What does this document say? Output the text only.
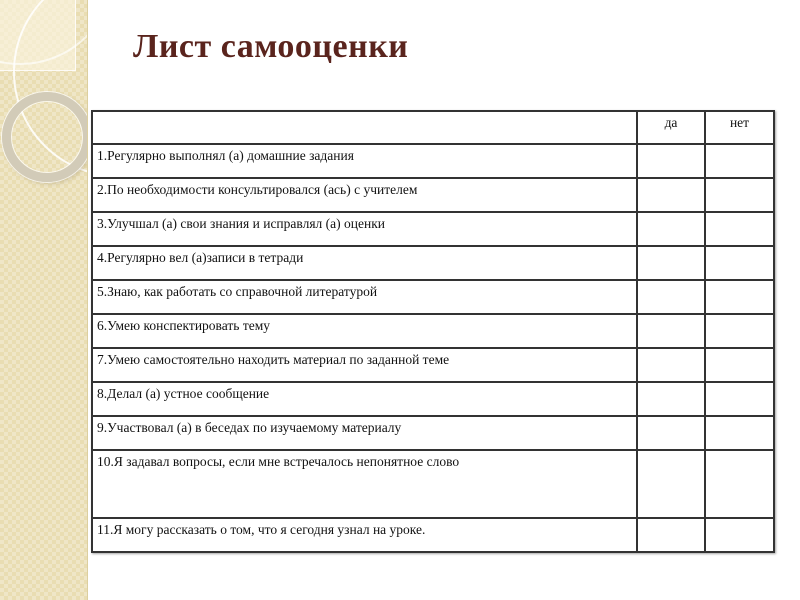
Лист самооценки
	да	нет
1.Регулярно выполнял (а) домашние задания		
2.По необходимости консультировался (ась) с учителем		
3.Улучшал (а) свои знания и исправлял (а) оценки		
4.Регулярно вел (а)записи в тетради		
5.Знаю, как работать со справочной литературой		
6.Умею конспектировать тему		
7.Умею самостоятельно находить материал по заданной теме		
8.Делал (а) устное сообщение		
9.Участвовал (а) в беседах по изучаемому материалу		
10.Я задавал вопросы, если мне встречалось непонятное слово		
11.Я могу рассказать о том, что я сегодня узнал на уроке.		
